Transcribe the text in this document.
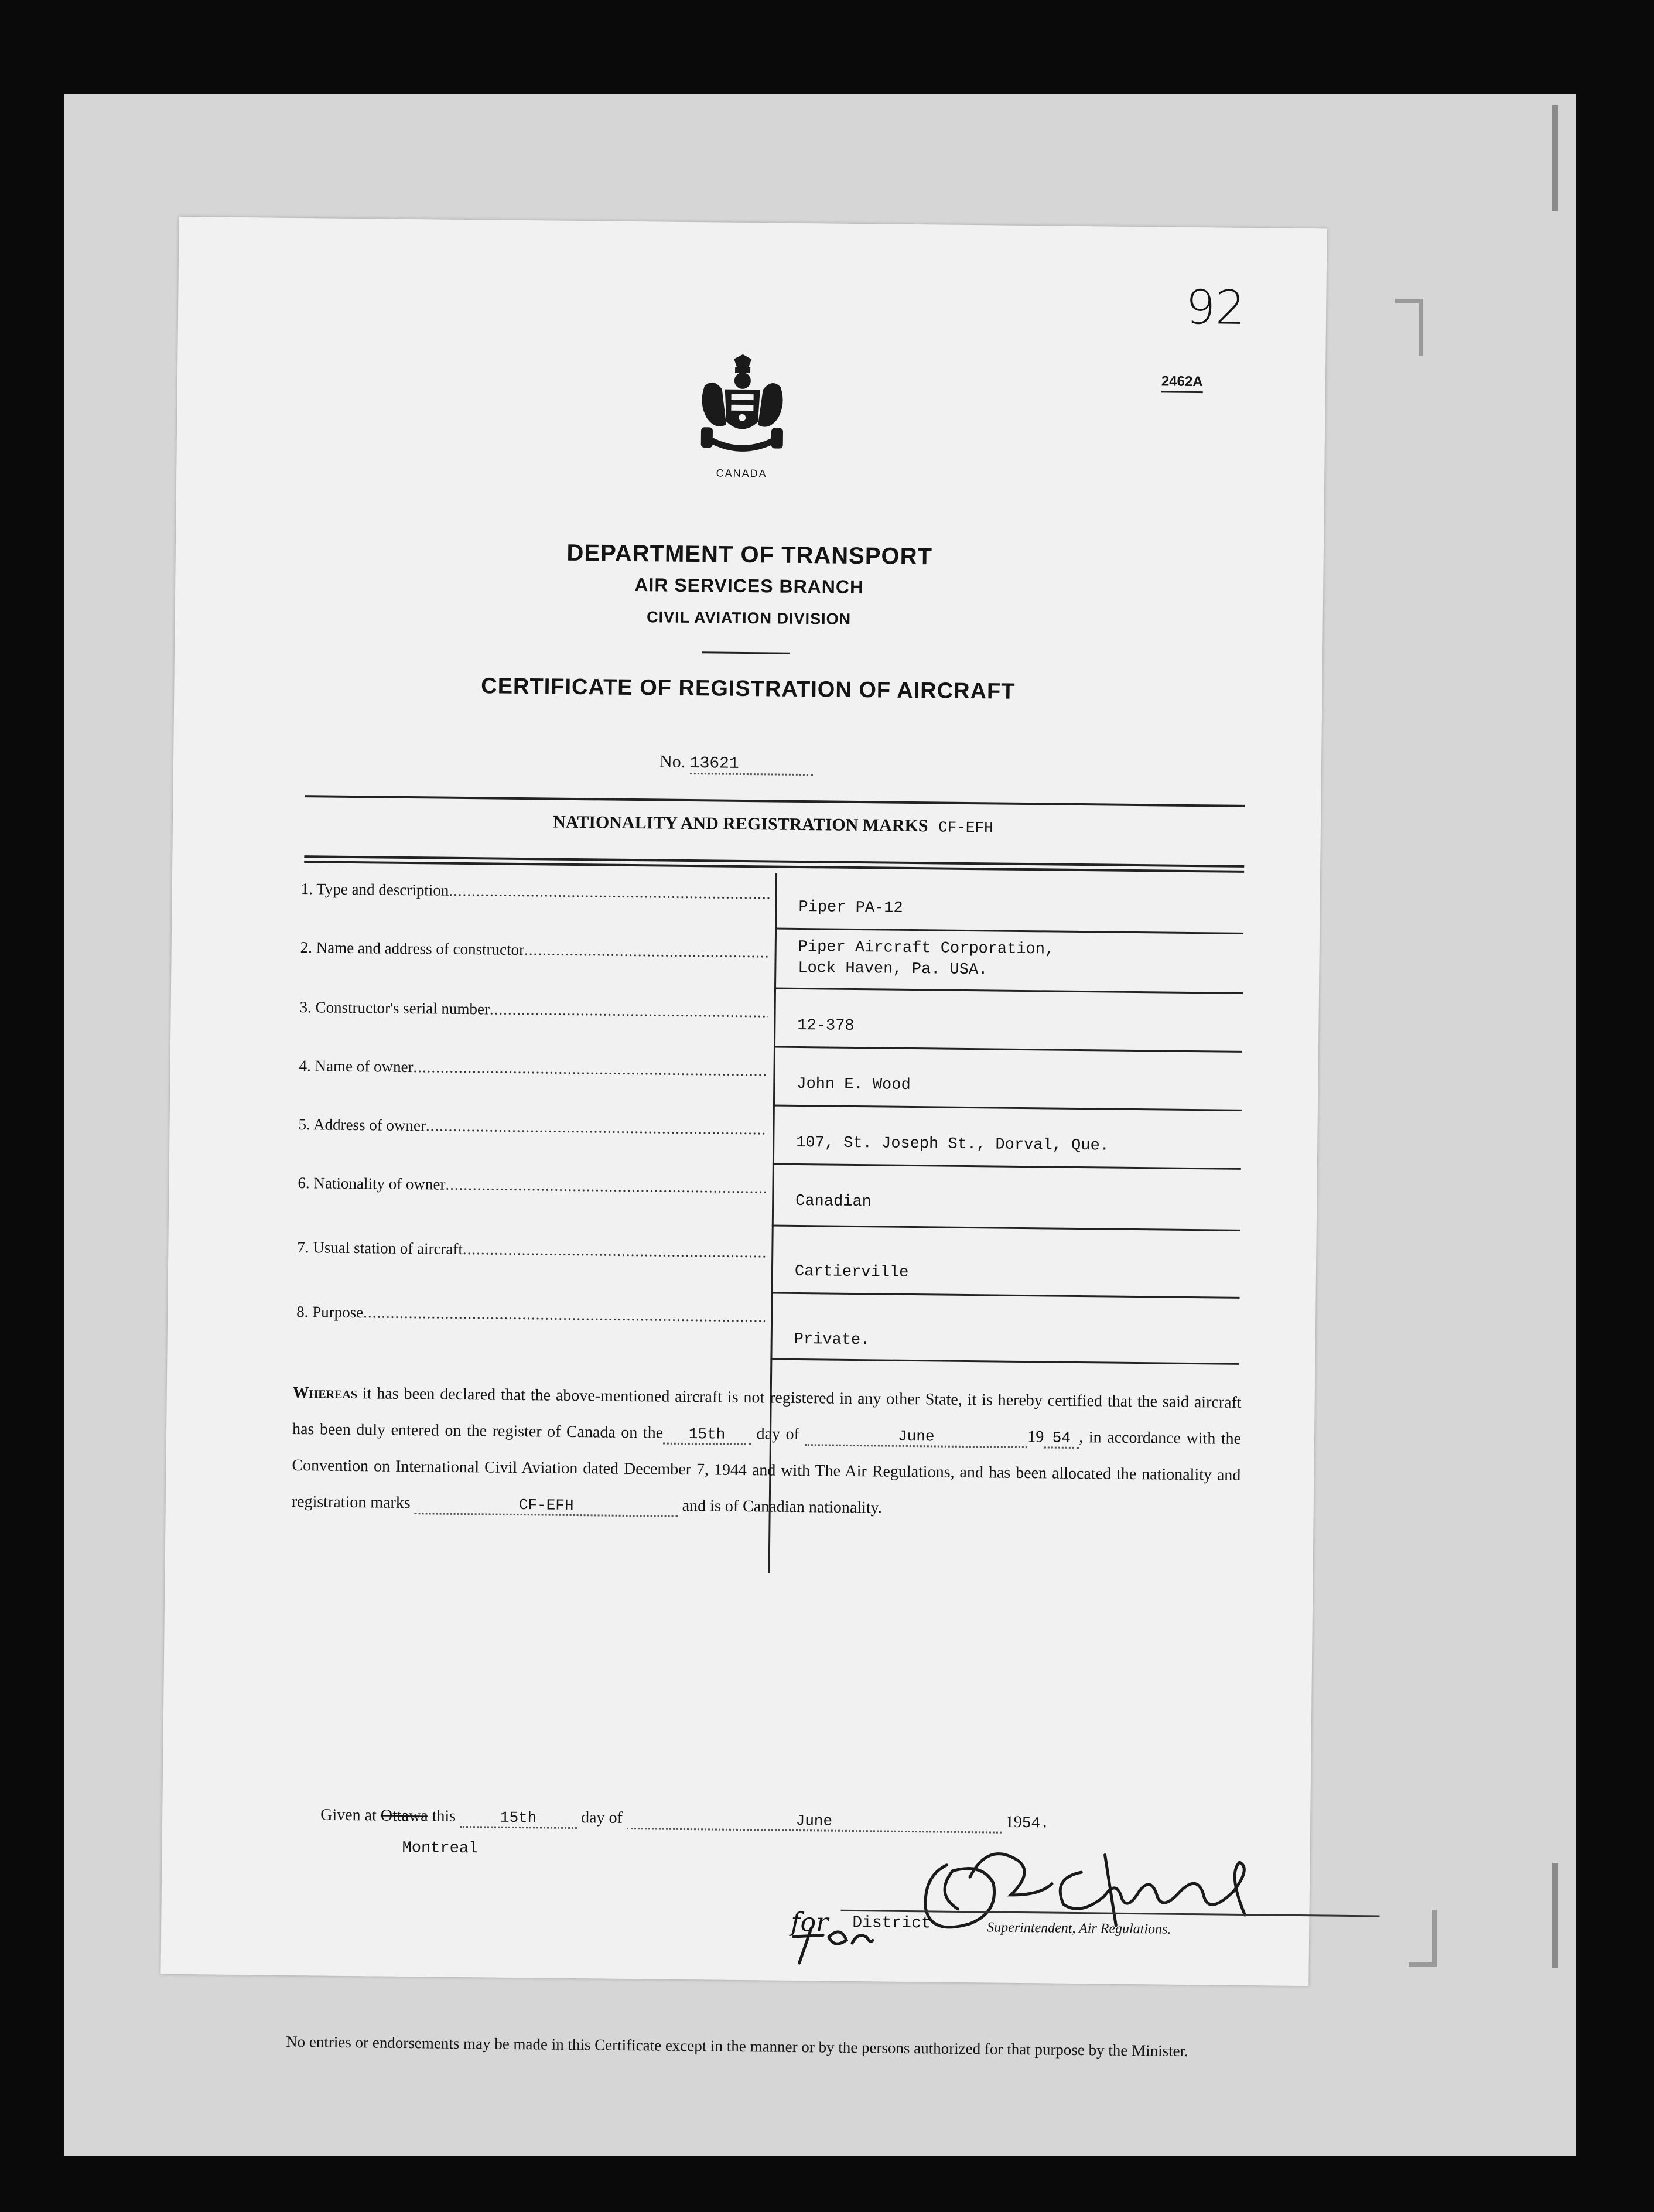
92
2462A
CANADA
DEPARTMENT OF TRANSPORT
AIR SERVICES BRANCH
CIVIL AVIATION DIVISION
CERTIFICATE OF REGISTRATION OF AIRCRAFT
No. 13621
NATIONALITY AND REGISTRATION MARKS CF-EFH
1. Type and description .....
Piper PA-12
2. Name and address of constructor .....	Piper Aircraft Corporation,
Lock Haven, Pa. USA.
3. Constructor's serial number .....
12-378
4. Name of owner .....
John E. Wood
5. Address of owner .....
107, St. Joseph St., Dorval, Que.
6. Nationality of owner .....
Canadian
7. Usual station of aircraft .....
Cartierville
8. Purpose .....
Private.
Whereas it has been declared that the above-mentioned aircraft is not registered in any other State, it is hereby certified that the said aircraft has been duly entered on the register of Canada on the 15th day of	June	19 54 , in accordance with the Convention on International Civil Aviation dated December 7, 1944 and with The Air Regulations, and has been allocated the nationality and registration marks	CF-EFH	and is of Canadian nationality.
Given at Ottawa this	15th	day of	June	1954.
Montreal
for District	Superintendent, Air Regulations.
No entries or endorsements may be made in this Certificate except in the manner or by the persons authorized for that purpose by the Minister.
